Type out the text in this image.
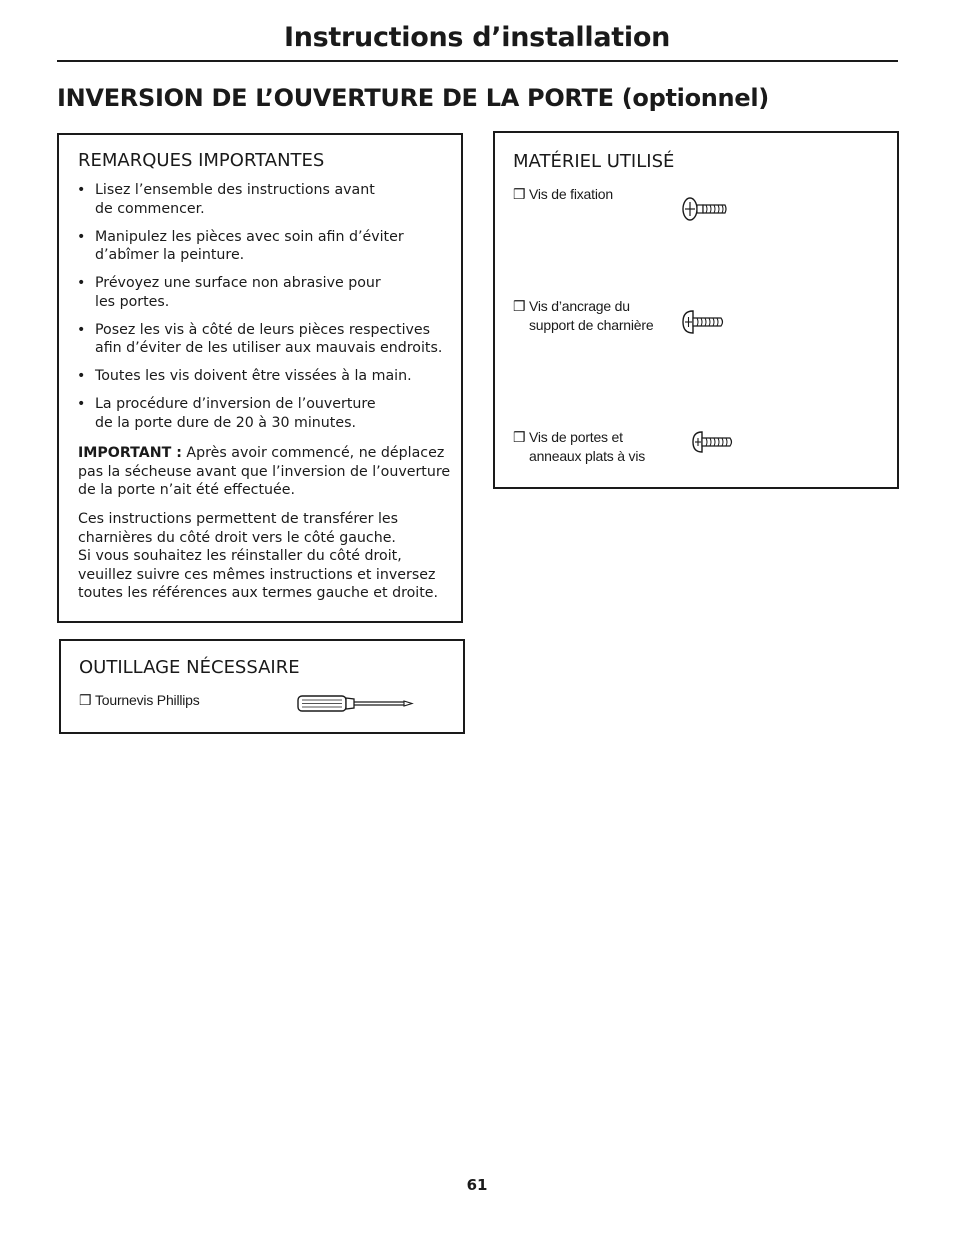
Instructions d’installation
INVERSION DE L’OUVERTURE DE LA PORTE (optionnel)
REMARQUES IMPORTANTES
• Lisez l’ensemble des instructions avant
de commencer.
• Manipulez les pièces avec soin afin d’éviter
d’abîmer la peinture.
• Prévoyez une surface non abrasive pour
les portes.
• Posez les vis à côté de leurs pièces respectives
afin d’éviter de les utiliser aux mauvais endroits.
• Toutes les vis doivent être vissées à la main.
• La procédure d’inversion de l’ouverture
de la porte dure de 20 à 30 minutes.

IMPORTANT : Après avoir commencé, ne déplacez
pas la sécheuse avant que l’inversion de l’ouverture
de la porte n’ait été effectuée.

Ces instructions permettent de transférer les
charnières du côté droit vers le côté gauche.
Si vous souhaitez les réinstaller du côté droit,
veuillez suivre ces mêmes instructions et inversez
toutes les références aux termes gauche et droite.

OUTILLAGE NÉCESSAIRE
❒ Tournevis Phillips
MATÉRIEL UTILISÉ
❒ Vis de fixation
❒ Vis d’ancrage du
support de charnière
❒ Vis de portes et
anneaux plats à vis
61
